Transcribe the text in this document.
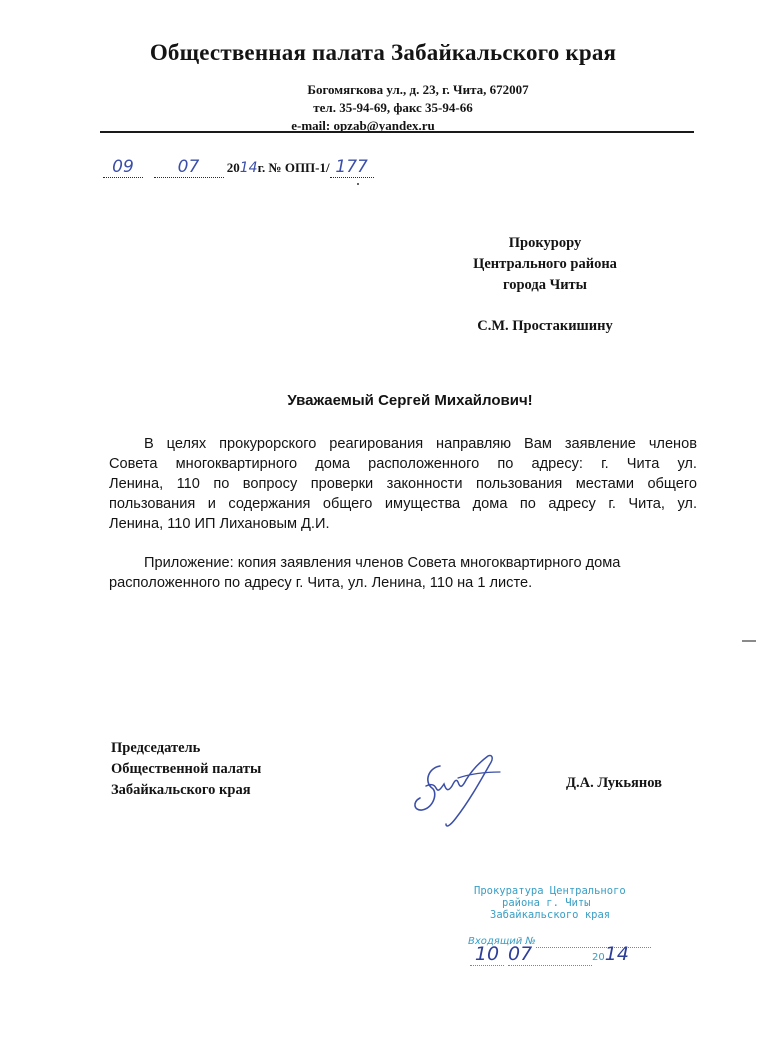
Общественная палата Забайкальского края
Богомягкова ул., д. 23, г. Чита, 672007
тел. 35-94-69, факс 35-94-66
e-mail: opzab@yandex.ru
09	07 2014г. № ОПП-1/ 177
Прокурору
Центрального района
города Читы
С.М. Простакишину
Уважаемый Сергей Михайлович!
В целях прокурорского реагирования направляю Вам заявление членов
Совета многоквартирного дома расположенного по адресу: г. Чита ул.
Ленина, 110 по вопросу проверки законности пользования местами общего
пользования и содержания общего имущества дома по адресу г. Чита, ул.
Ленина, 110 ИП Лихановым Д.И.
Приложение: копия заявления членов Совета многоквартирного дома
расположенного по адресу г. Чита, ул. Ленина, 110 на 1 листе.
Председатель
Общественной палаты
Забайкальского края	Д.А. Лукьянов
Прокуратура Центрального
района г. Читы
Забайкальского края
Входящий №
10 07	2014
